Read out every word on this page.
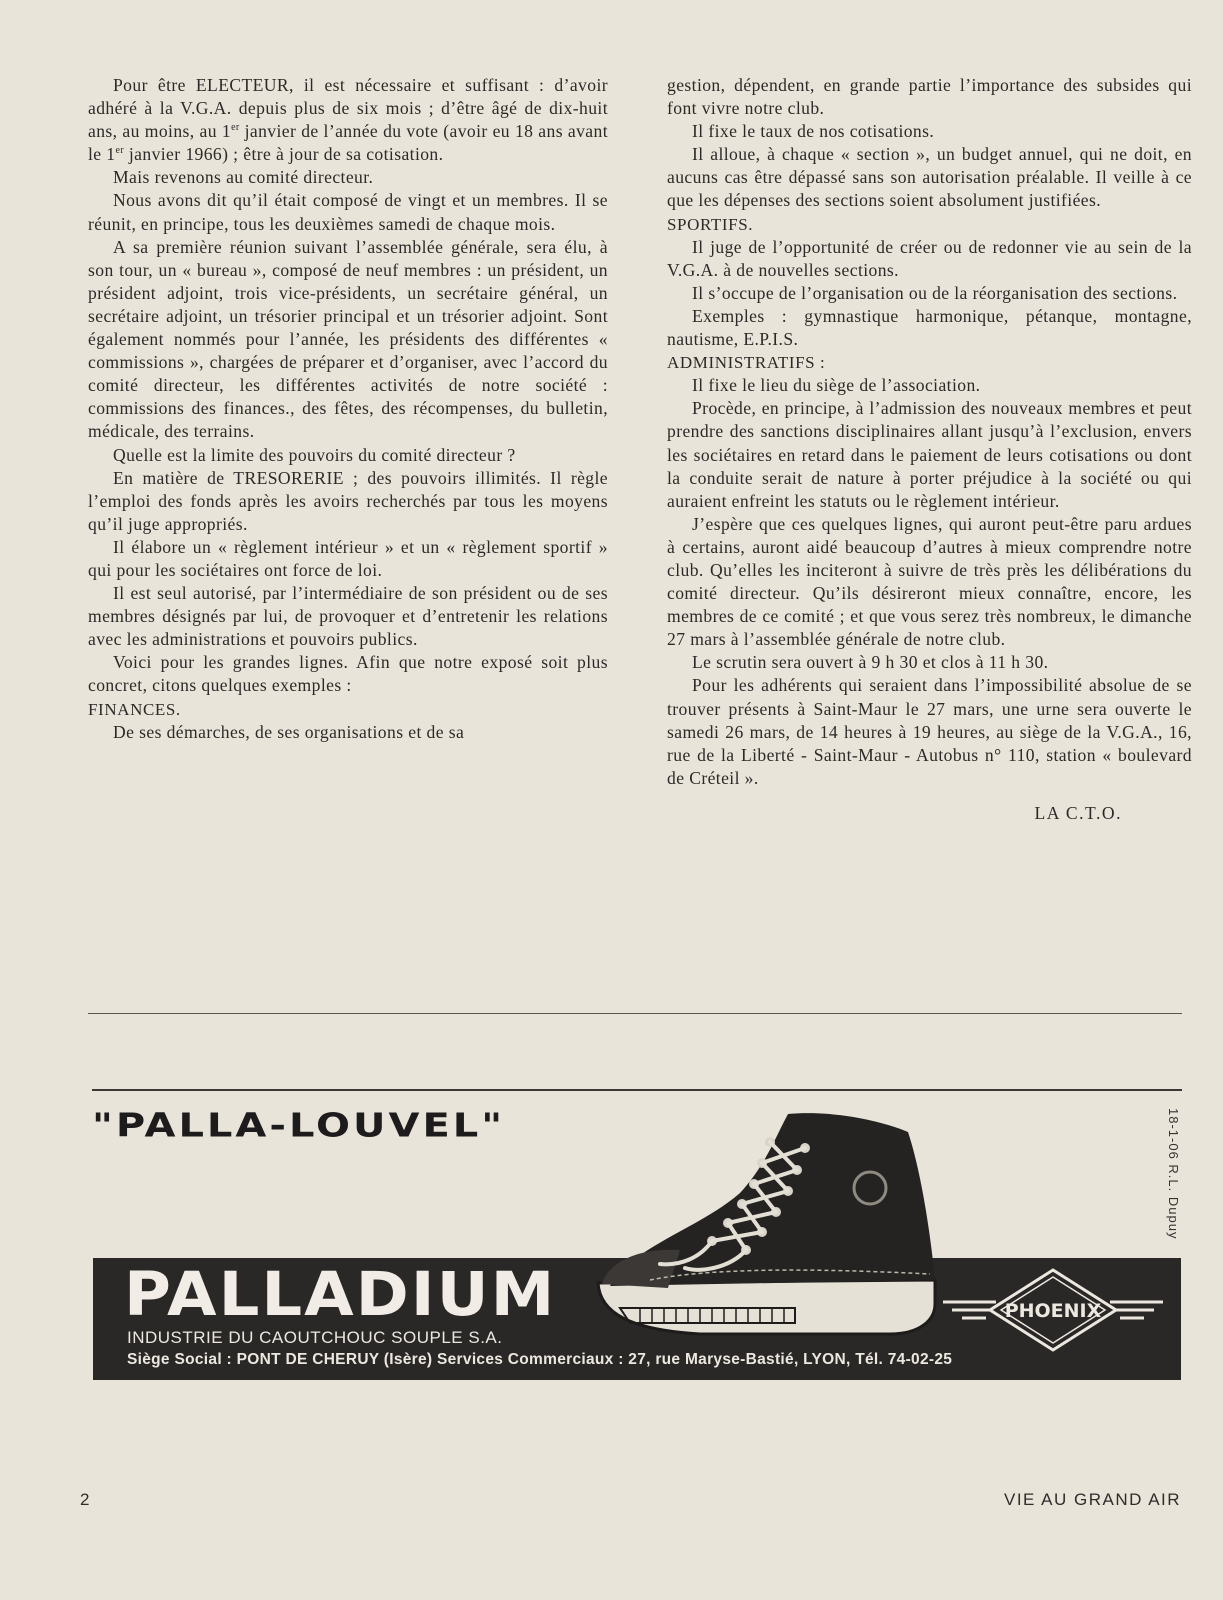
Pour être ELECTEUR, il est nécessaire et suffisant : d’avoir adhéré à la V.G.A. depuis plus de six mois ; d’être âgé de dix-huit ans, au moins, au 1er janvier de l’année du vote (avoir eu 18 ans avant le 1er janvier 1966) ; être à jour de sa cotisation.

Mais revenons au comité directeur.

Nous avons dit qu’il était composé de vingt et un membres. Il se réunit, en principe, tous les deuxièmes samedi de chaque mois.

A sa première réunion suivant l’assemblée générale, sera élu, à son tour, un « bureau », composé de neuf membres : un président, un président adjoint, trois vice-présidents, un secrétaire général, un secrétaire adjoint, un trésorier principal et un trésorier adjoint. Sont également nommés pour l’année, les présidents des différentes « commissions », chargées de préparer et d’organiser, avec l’accord du comité directeur, les différentes activités de notre société : commissions des finances., des fêtes, des récompenses, du bulletin, médicale, des terrains.

Quelle est la limite des pouvoirs du comité directeur ?

En matière de TRESORERIE ; des pouvoirs illimités. Il règle l’emploi des fonds après les avoirs recherchés par tous les moyens qu’il juge appropriés.

Il élabore un « règlement intérieur » et un « règlement sportif » qui pour les sociétaires ont force de loi.

Il est seul autorisé, par l’intermédiaire de son président ou de ses membres désignés par lui, de provoquer et d’entretenir les relations avec les administrations et pouvoirs publics.

Voici pour les grandes lignes. Afin que notre exposé soit plus concret, citons quelques exemples :

FINANCES.

De ses démarches, de ses organisations et de sa

gestion, dépendent, en grande partie l’importance des subsides qui font vivre notre club.

Il fixe le taux de nos cotisations.

Il alloue, à chaque « section », un budget annuel, qui ne doit, en aucuns cas être dépassé sans son autorisation préalable. Il veille à ce que les dépenses des sections soient absolument justifiées.

SPORTIFS.

Il juge de l’opportunité de créer ou de redonner vie au sein de la V.G.A. à de nouvelles sections.

Il s’occupe de l’organisation ou de la réorganisation des sections.

Exemples : gymnastique harmonique, pétanque, montagne, nautisme, E.P.I.S.

ADMINISTRATIFS :

Il fixe le lieu du siège de l’association.

Procède, en principe, à l’admission des nouveaux membres et peut prendre des sanctions disciplinaires allant jusqu’à l’exclusion, envers les sociétaires en retard dans le paiement de leurs cotisations ou dont la conduite serait de nature à porter préjudice à la société ou qui auraient enfreint les statuts ou le règlement intérieur.

J’espère que ces quelques lignes, qui auront peut-être paru ardues à certains, auront aidé beaucoup d’autres à mieux comprendre notre club. Qu’elles les inciteront à suivre de très près les délibérations du comité directeur. Qu’ils désireront mieux connaître, encore, les membres de ce comité ; et que vous serez très nombreux, le dimanche 27 mars à l’assemblée générale de notre club.

Le scrutin sera ouvert à 9 h 30 et clos à 11 h 30.

Pour les adhérents qui seraient dans l’impossibilité absolue de se trouver présents à Saint-Maur le 27 mars, une urne sera ouverte le samedi 26 mars, de 14 heures à 19 heures, au siège de la V.G.A., 16, rue de la Liberté - Saint-Maur - Autobus n° 110, station « boulevard de Créteil ».

LA C.T.O.

"PALLA-LOUVEL"	18-1-06 R.L. Dupuy
PALLADIUM
INDUSTRIE DU CAOUTCHOUC SOUPLE S.A.
Siège Social : PONT DE CHERUY (Isère) Services Commerciaux : 27, rue Maryse-Bastié, LYON, Tél. 74-02-25
PHOENIX
2	VIE AU GRAND AIR
